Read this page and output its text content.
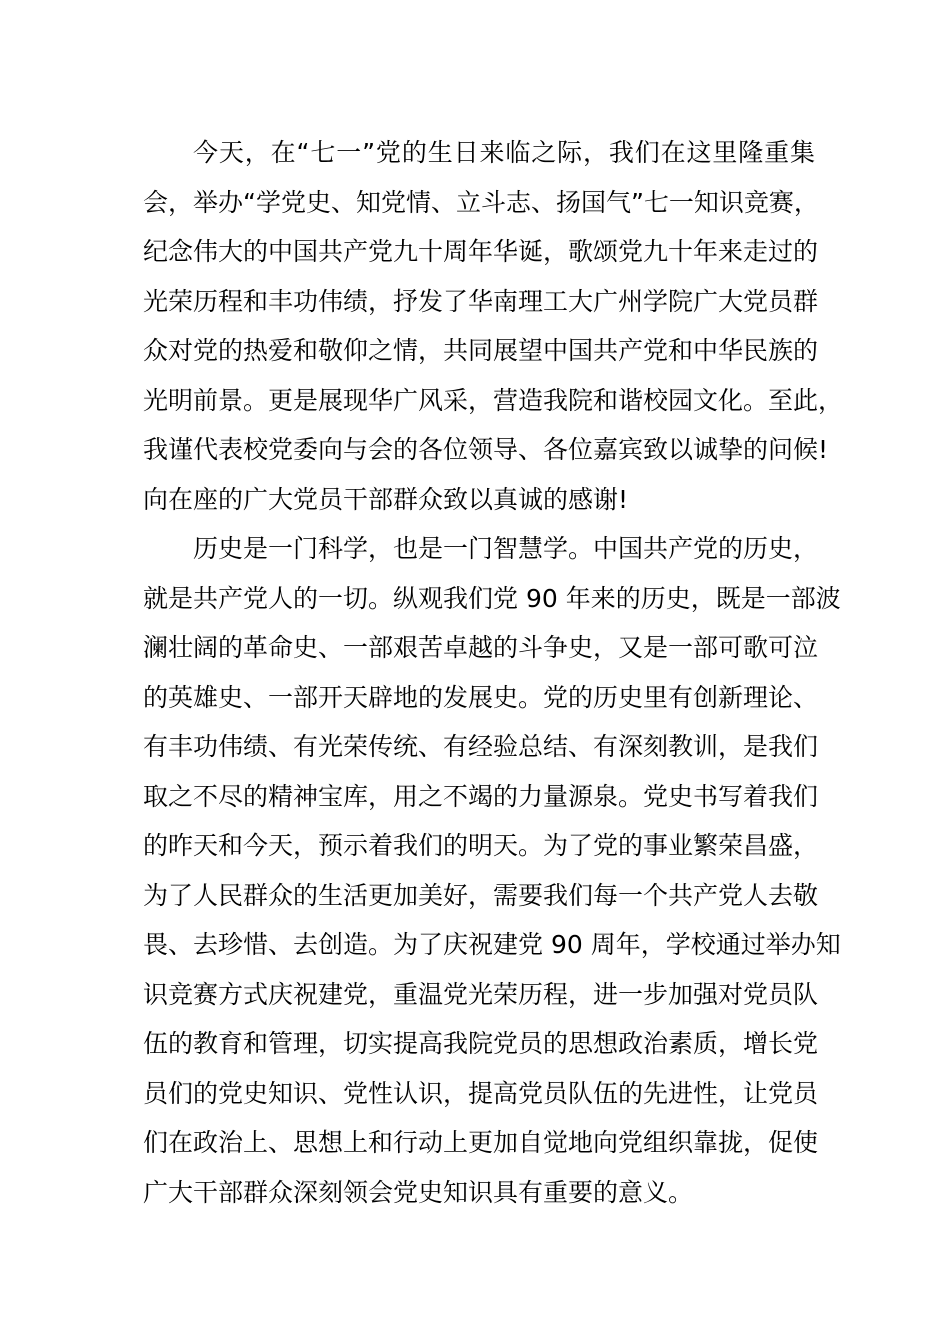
今天，在“七一”党的生日来临之际，我们在这里隆重集
会，举办“学党史、知党情、立斗志、扬国气”七一知识竞赛，
纪念伟大的中国共产党九十周年华诞，歌颂党九十年来走过的
光荣历程和丰功伟绩，抒发了华南理工大广州学院广大党员群
众对党的热爱和敬仰之情，共同展望中国共产党和中华民族的
光明前景。更是展现华广风采，营造我院和谐校园文化。至此，
我谨代表校党委向与会的各位领导、各位嘉宾致以诚挚的问候!
向在座的广大党员干部群众致以真诚的感谢!
历史是一门科学，也是一门智慧学。中国共产党的历史，
就是共产党人的一切。纵观我们党 90 年来的历史，既是一部波
澜壮阔的革命史、一部艰苦卓越的斗争史，又是一部可歌可泣
的英雄史、一部开天辟地的发展史。党的历史里有创新理论、
有丰功伟绩、有光荣传统、有经验总结、有深刻教训，是我们
取之不尽的精神宝库，用之不竭的力量源泉。党史书写着我们
的昨天和今天，预示着我们的明天。为了党的事业繁荣昌盛，
为了人民群众的生活更加美好，需要我们每一个共产党人去敬
畏、去珍惜、去创造。为了庆祝建党 90 周年，学校通过举办知
识竞赛方式庆祝建党，重温党光荣历程，进一步加强对党员队
伍的教育和管理，切实提高我院党员的思想政治素质，增长党
员们的党史知识、党性认识，提高党员队伍的先进性，让党员
们在政治上、思想上和行动上更加自觉地向党组织靠拢，促使
广大干部群众深刻领会党史知识具有重要的意义。
